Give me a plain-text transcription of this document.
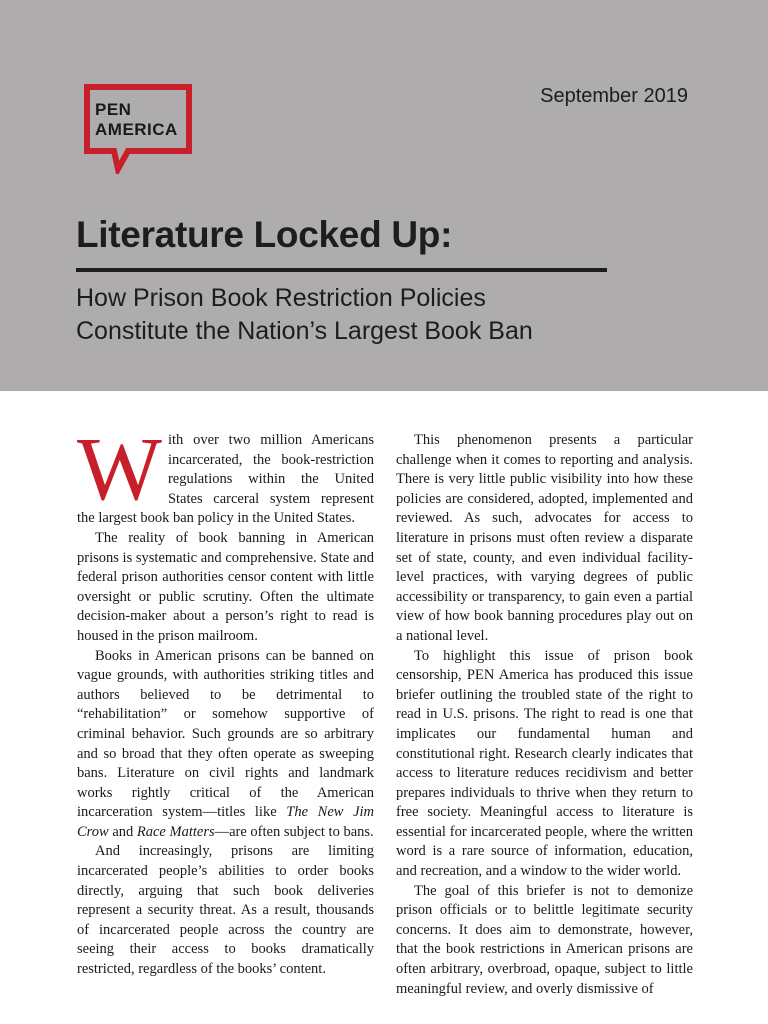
PEN
AMERICA
September 2019
Literature Locked Up:
How Prison Book Restriction Policies
Constitute the Nation’s Largest Book Ban

With over two million Americans incarcerated, the book-restriction regulations within the United States carceral system represent the largest book ban policy in the United States.

The reality of book banning in American prisons is systematic and comprehensive. State and federal prison authorities censor content with little oversight or public scrutiny. Often the ultimate decision-maker about a person’s right to read is housed in the prison mailroom.

Books in American prisons can be banned on vague grounds, with authorities striking titles and authors believed to be detrimental to “rehabilitation” or somehow supportive of criminal behavior. Such grounds are so arbitrary and so broad that they often operate as sweeping bans. Literature on civil rights and landmark works rightly critical of the American incarceration system—titles like The New Jim Crow and Race Matters—are often subject to bans.

And increasingly, prisons are limiting incarcerated people’s abilities to order books directly, arguing that such book deliveries represent a security threat. As a result, thousands of incarcerated people across the country are seeing their access to books dramatically restricted, regardless of the books’ content.

This phenomenon presents a particular challenge when it comes to reporting and analysis. There is very little public visibility into how these policies are considered, adopted, implemented and reviewed. As such, advocates for access to literature in prisons must often review a disparate set of state, county, and even individual facility-level practices, with varying degrees of public accessibility or transparency, to gain even a partial view of how book banning procedures play out on a national level.

To highlight this issue of prison book censorship, PEN America has produced this issue briefer outlining the troubled state of the right to read in U.S. prisons. The right to read is one that implicates our fundamental human and constitutional right. Research clearly indicates that access to literature reduces recidivism and better prepares individuals to thrive when they return to free society. Meaningful access to literature is essential for incarcerated people, where the written word is a rare source of information, education, and recreation, and a window to the wider world.

The goal of this briefer is not to demonize prison officials or to belittle legitimate security concerns. It does aim to demonstrate, however, that the book restrictions in American prisons are often arbitrary, overbroad, opaque, subject to little meaningful review, and overly dismissive of
